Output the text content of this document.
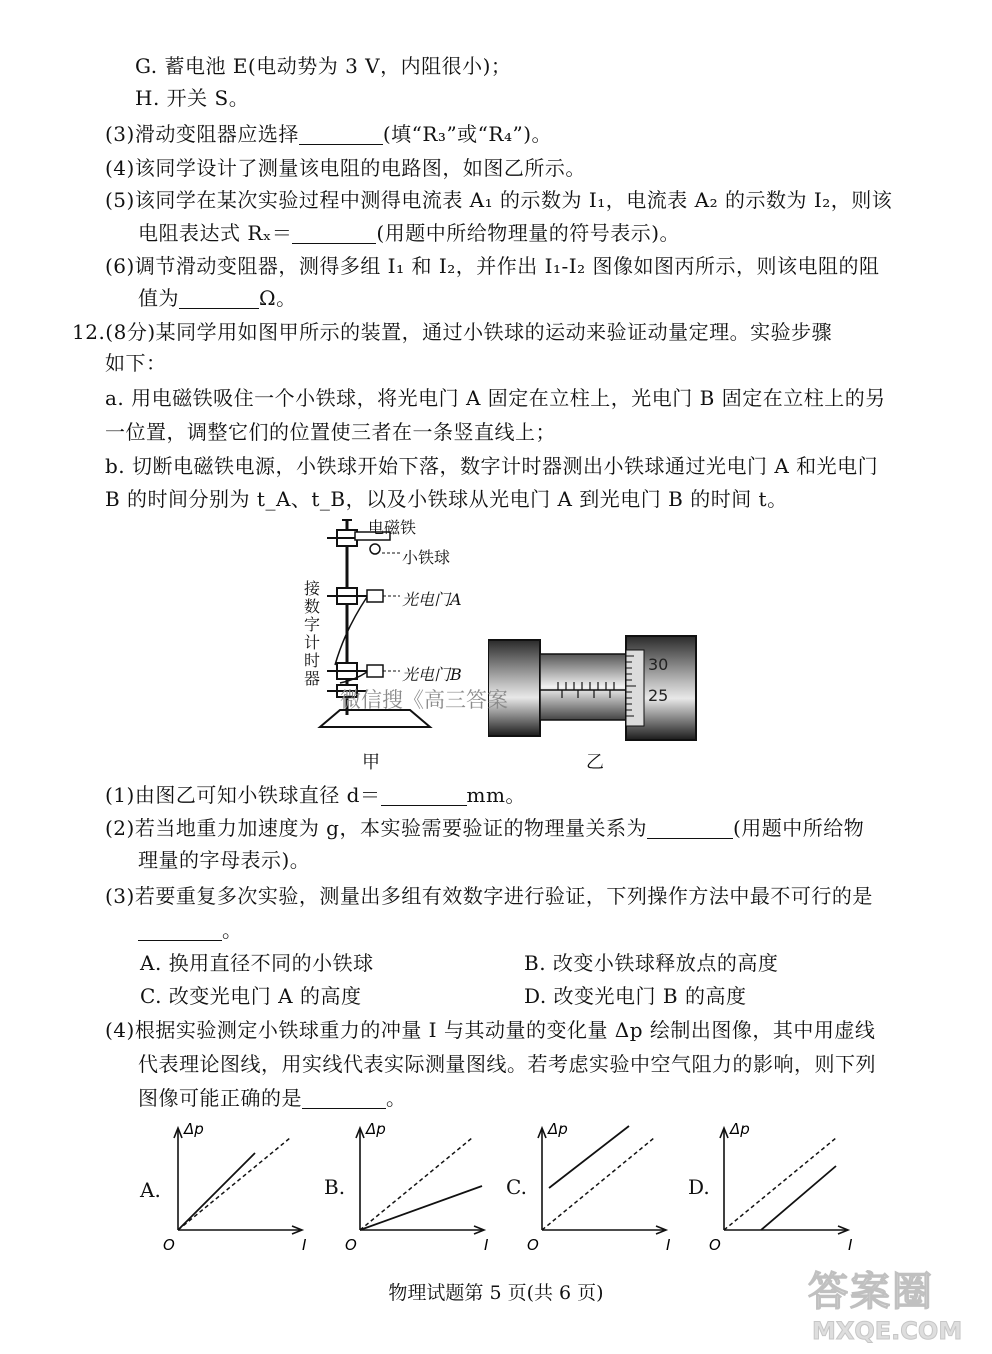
G. 蓄电池 E(电动势为 3 V，内阻很小)；
H. 开关 S。
(3)滑动变阻器应选择	(填“R₃”或“R₄”)。
(4)该同学设计了测量该电阻的电路图，如图乙所示。
(5)该同学在某次实验过程中测得电流表 A₁ 的示数为 I₁，电流表 A₂ 的示数为 I₂，则该
电阻表达式 Rₓ＝	(用题中所给物理量的符号表示)。
(6)调节滑动变阻器，测得多组 I₁ 和 I₂，并作出 I₁-I₂ 图像如图丙所示，则该电阻的阻
值为	Ω。
12.(8分)某同学用如图甲所示的装置，通过小铁球的运动来验证动量定理。实验步骤
如下：
a. 用电磁铁吸住一个小铁球，将光电门 A 固定在立柱上，光电门 B 固定在立柱上的另
一位置，调整它们的位置使三者在一条竖直线上；
b. 切断电磁铁电源，小铁球开始下落，数字计时器测出小铁球通过光电门 A 和光电门
B 的时间分别为 t_A、t_B，以及小铁球从光电门 A 到光电门 B 的时间 t。
电磁铁
小铁球
光电门A
光电门B
接
数
字
计
时
器
甲
30
25
乙
微信搜《高三答案
(1)由图乙可知小铁球直径 d＝	mm。
(2)若当地重力加速度为 g，本实验需要验证的物理量关系为	(用题中所给物
理量的字母表示)。
(3)若要重复多次实验，测量出多组有效数字进行验证，下列操作方法中最不可行的是
。
A. 换用直径不同的小铁球	B. 改变小铁球释放点的高度
C. 改变光电门 A 的高度	D. 改变光电门 B 的高度
(4)根据实验测定小铁球重力的冲量 I 与其动量的变化量 Δp 绘制出图像，其中用虚线
代表理论图线，用实线代表实际测量图线。若考虑实验中空气阻力的影响，则下列
图像可能正确的是	。
A.	B.	C.	D.
Δp
I
O
Δp
I
O
Δp
I
O
Δp
I
O
物理试题第 5 页(共 6 页)	答案圈
MXQE.COM
